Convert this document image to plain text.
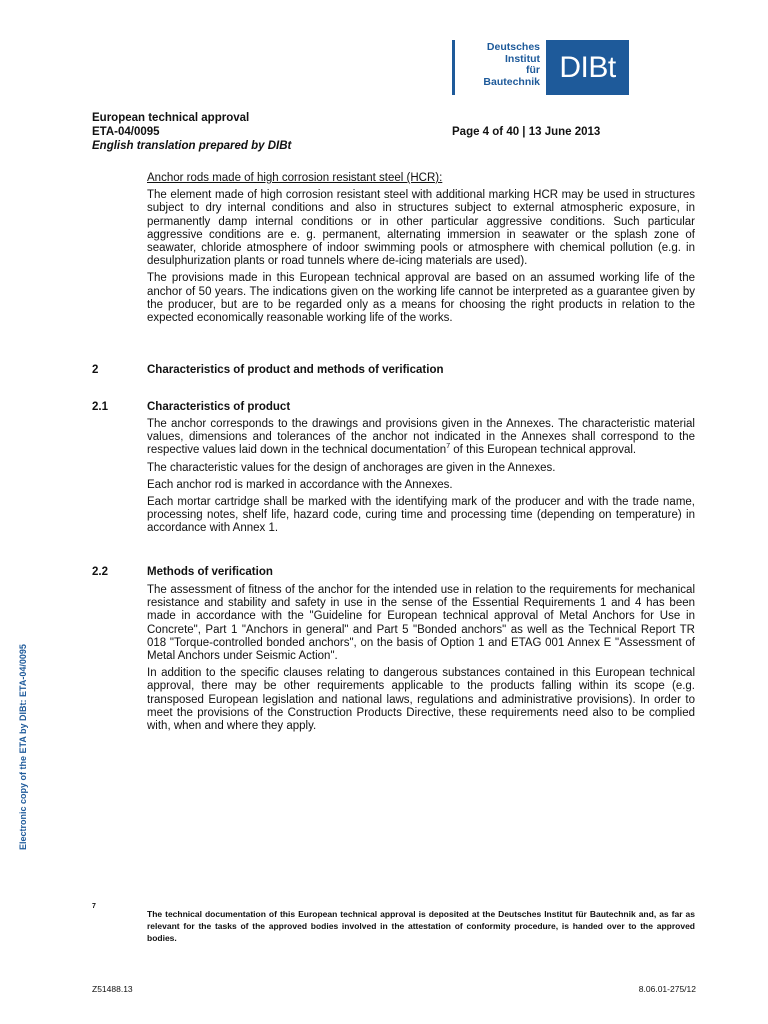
Deutsches
Institut
für
Bautechnik DIBt
European technical approval
ETA-04/0095	Page 4 of 40 | 13 June 2013
English translation prepared by DIBt

Anchor rods made of high corrosion resistant steel (HCR):

The element made of high corrosion resistant steel with additional marking HCR may be used in structures subject to dry internal conditions and also in structures subject to external atmospheric exposure, in permanently damp internal conditions or in other particular aggressive conditions. Such particular aggressive conditions are e. g. permanent, alternating immersion in seawater or the splash zone of seawater, chloride atmosphere of indoor swimming pools or atmosphere with chemical pollution (e.g. in desulphurization plants or road tunnels where de-icing materials are used).

The provisions made in this European technical approval are based on an assumed working life of the anchor of 50 years. The indications given on the working life cannot be interpreted as a guarantee given by the producer, but are to be regarded only as a means for choosing the right products in relation to the expected economically reasonable working life of the works.

2	Characteristics of product and methods of verification
2.1	Characteristics of product

The anchor corresponds to the drawings and provisions given in the Annexes. The characteristic material values, dimensions and tolerances of the anchor not indicated in the Annexes shall correspond to the respective values laid down in the technical documentation$^7$ of this European technical approval.

The characteristic values for the design of anchorages are given in the Annexes.

Each anchor rod is marked in accordance with the Annexes.

Each mortar cartridge shall be marked with the identifying mark of the producer and with the trade name, processing notes, shelf life, hazard code, curing time and processing time (depending on temperature) in accordance with Annex 1.

2.2	Methods of verification

The assessment of fitness of the anchor for the intended use in relation to the requirements for mechanical resistance and stability and safety in use in the sense of the Essential Requirements 1 and 4 has been made in accordance with the "Guideline for European technical approval of Metal Anchors for Use in Concrete", Part 1 "Anchors in general" and Part 5 "Bonded anchors" as well as the Technical Report TR 018 "Torque-controlled bonded anchors", on the basis of Option 1 and ETAG 001 Annex E "Assessment of Metal Anchors under Seismic Action".

In addition to the specific clauses relating to dangerous substances contained in this European technical approval, there may be other requirements applicable to the products falling within its scope (e.g. transposed European legislation and national laws, regulations and administrative provisions). In order to meet the provisions of the Construction Products Directive, these requirements need also to be complied with, when and where they apply.

Electronic copy of the ETA by DIBt: ETA-04/0095
7
The technical documentation of this European technical approval is deposited at the Deutsches Institut für Bautechnik and, as far as relevant for the tasks of the approved bodies involved in the attestation of conformity procedure, is handed over to the approved bodies.
Z51488.13	8.06.01-275/12
